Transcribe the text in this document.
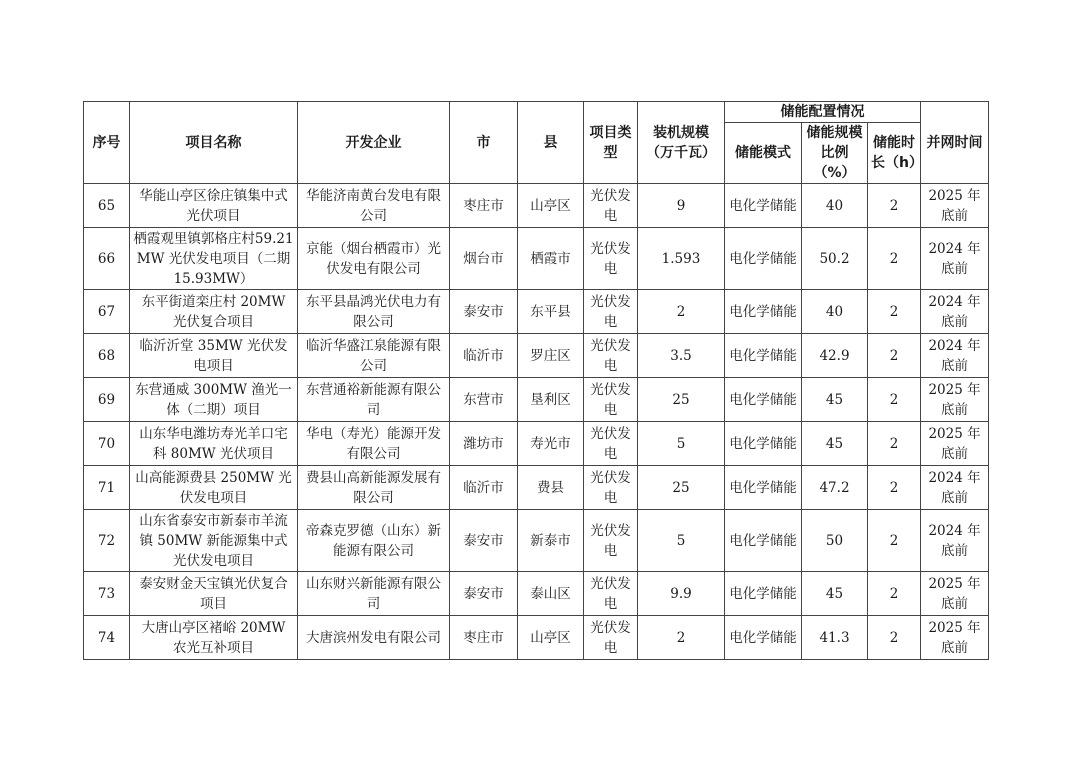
序号	项目名称	开发企业	市	县	项目类型	装机规模（万千瓦）	储能配置情况			并网时间
							储能模式	储能规模比例（%）	储能时长（h）	
65	华能山亭区徐庄镇集中式光伏项目	华能济南黄台发电有限公司	枣庄市	山亭区	光伏发电	9	电化学储能	40	2	2025 年底前
66	栖霞观里镇郭格庄村59.21MW 光伏发电项目（二期 15.93MW）	京能（烟台栖霞市）光伏发电有限公司	烟台市	栖霞市	光伏发电	1.593	电化学储能	50.2	2	2024 年底前
67	东平街道栾庄村 20MW 光伏复合项目	东平县晶鸿光伏电力有限公司	泰安市	东平县	光伏发电	2	电化学储能	40	2	2024 年底前
68	临沂沂堂 35MW 光伏发电项目	临沂华盛江泉能源有限公司	临沂市	罗庄区	光伏发电	3.5	电化学储能	42.9	2	2024 年底前
69	东营通威 300MW 渔光一体（二期）项目	东营通裕新能源有限公司	东营市	垦利区	光伏发电	25	电化学储能	45	2	2025 年底前
70	山东华电潍坊寿光羊口宅科 80MW 光伏项目	华电（寿光）能源开发有限公司	潍坊市	寿光市	光伏发电	5	电化学储能	45	2	2025 年底前
71	山高能源费县 250MW 光伏发电项目	费县山高新能源发展有限公司	临沂市	费县	光伏发电	25	电化学储能	47.2	2	2024 年底前
72	山东省泰安市新泰市羊流镇 50MW 新能源集中式光伏发电项目	帝森克罗德（山东）新能源有限公司	泰安市	新泰市	光伏发电	5	电化学储能	50	2	2024 年底前
73	泰安财金天宝镇光伏复合项目	山东财兴新能源有限公司	泰安市	泰山区	光伏发电	9.9	电化学储能	45	2	2025 年底前
74	大唐山亭区褚峪 20MW 农光互补项目	大唐滨州发电有限公司	枣庄市	山亭区	光伏发电	2	电化学储能	41.3	2	2025 年底前
